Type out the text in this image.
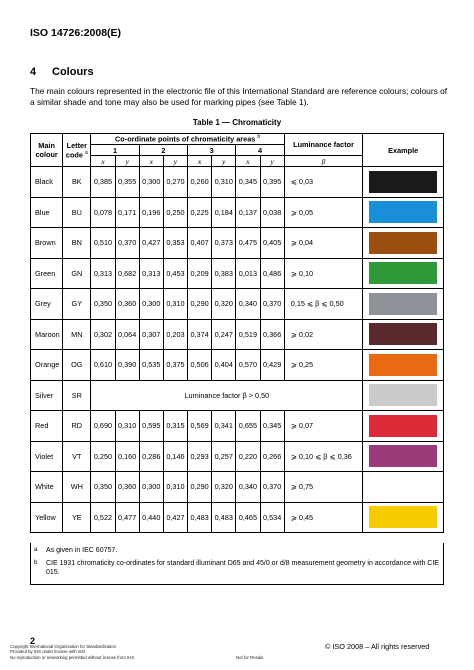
ISO 14726:2008(E)
4 Colours
The main colours represented in the electronic file of this International Standard are reference colours; colours of a similar shade and tone may also be used for marking pipes (see Table 1).
Table 1 — Chromaticity
Main colour	Letter code $^a$	Co-ordinate points of chromaticity areas $^b$								Luminance factor	Example
		1		2		3		4			
		x	y	x	y	x	y	x	y	β	
Black	BK	0,385	0,355	0,300	0,270	0,260	0,310	0,345	0,395	⩽ 0,03	

Blue	BU	0,078	0,171	0,196	0,250	0,225	0,184	0,137	0,038	⩾ 0,05	

Brown	BN	0,510	0,370	0,427	0,353	0,407	0,373	0,475	0,405	⩾ 0,04	

Green	GN	0,313	0,682	0,313	0,453	0,209	0,383	0,013	0,486	⩾ 0,10	

Grey	GY	0,350	0,360	0,300	0,310	0,290	0,320	0,340	0,370	0,15 ⩽ β ⩽ 0,50	

Maroon	MN	0,302	0,064	0,307	0,203	0,374	0,247	0,519	0,366	⩾ 0,02	

Orange	OG	0,610	0,390	0,535	0,375	0,506	0,404	0,570	0,429	⩾ 0,25	

Silver	SR	Luminance factor β > 0,50									

Red	RD	0,690	0,310	0,595	0,315	0,569	0,341	0,655	0,345	⩾ 0,07	

Violet	VT	0,250	0,160	0,286	0,146	0,293	0,257	0,220	0,266	⩾ 0,10 ⩽ β ⩽ 0,36	

White	WH	0,350	0,360	0,300	0,310	0,290	0,320	0,340	0,370	⩾ 0,75	

Yellow	YE	0,522	0,477	0,440	0,427	0,483	0,483	0,465	0,534	⩾ 0,45	
a	As given in IEC 60757.
b	CIE 1931 chromaticity co-ordinates for standard illuminant D65 and 45/0 or d/8 measurement geometry in accordance with CIE 015.
2
© ISO 2008 – All rights reserved
Copyright International Organization for Standardization
Provided by IHS under license with ISO
No reproduction or networking permitted without license from IHS	Not for Resale
